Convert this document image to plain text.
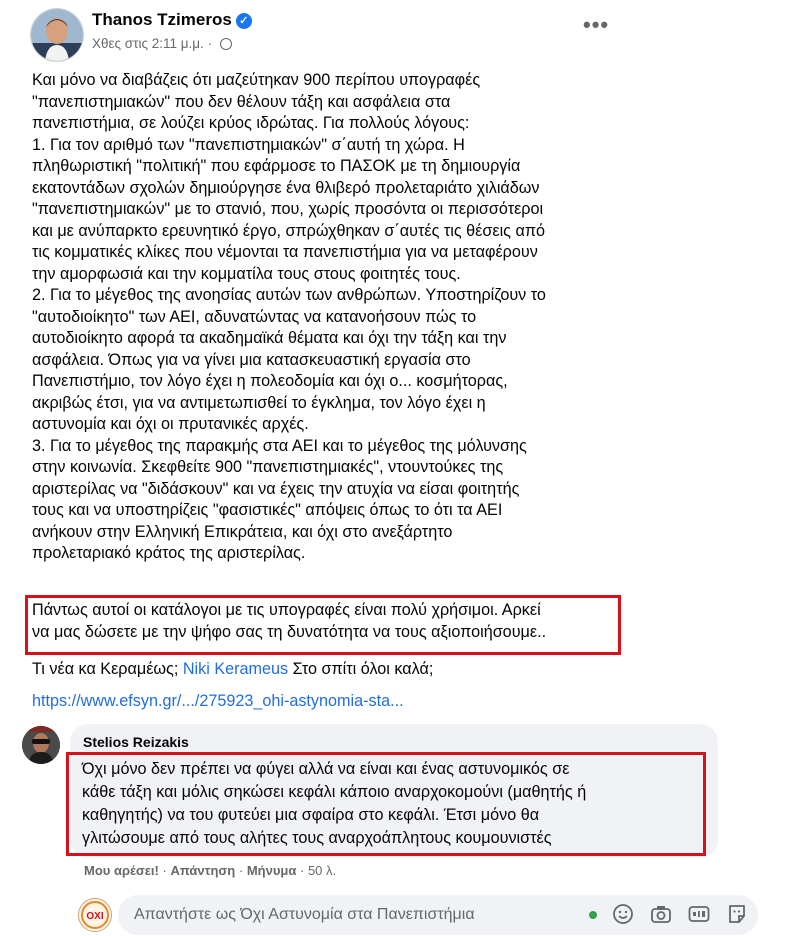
Thanos Tzimeros ✓
Χθες στις 2:11 μ.μ. ·
•••

Και μόνο να διαβάζεις ότι μαζεύτηκαν 900 περίπου υπογραφές

"πανεπιστημιακών" που δεν θέλουν τάξη και ασφάλεια στα

πανεπιστήμια, σε λούζει κρύος ιδρώτας. Για πολλούς λόγους:

1. Για τον αριθμό των "πανεπιστημιακών" σ΄αυτή τη χώρα. Η

πληθωριστική "πολιτική" που εφάρμοσε το ΠΑΣΟΚ με τη δημιουργία

εκατοντάδων σχολών δημιούργησε ένα θλιβερό προλεταριάτο χιλιάδων

"πανεπιστημιακών" με το στανιό, που, χωρίς προσόντα οι περισσότεροι

και με ανύπαρκτο ερευνητικό έργο, σπρώχθηκαν σ΄αυτές τις θέσεις από

τις κομματικές κλίκες που νέμονται τα πανεπιστήμια για να μεταφέρουν

την αμορφωσιά και την κομματίλα τους στους φοιτητές τους.

2. Για το μέγεθος της ανοησίας αυτών των ανθρώπων. Υποστηρίζουν το

"αυτοδιοίκητο" των ΑΕΙ, αδυνατώντας να κατανοήσουν πώς το

αυτοδιοίκητο αφορά τα ακαδημαϊκά θέματα και όχι την τάξη και την

ασφάλεια. Όπως για να γίνει μια κατασκευαστική εργασία στο

Πανεπιστήμιο, τον λόγο έχει η πολεοδομία και όχι ο... κοσμήτορας,

ακριβώς έτσι, για να αντιμετωπισθεί το έγκλημα, τον λόγο έχει η

αστυνομία και όχι οι πρυτανικές αρχές.

3. Για το μέγεθος της παρακμής στα ΑΕΙ και το μέγεθος της μόλυνσης

στην κοινωνία. Σκεφθείτε 900 "πανεπιστημιακές", ντουντούκες της

αριστερίλας να "διδάσκουν" και να έχεις την ατυχία να είσαι φοιτητής

τους και να υποστηρίζεις "φασιστικές" απόψεις όπως το ότι τα ΑΕΙ

ανήκουν στην Ελληνική Επικράτεια, και όχι στο ανεξάρτητο

προλεταριακό κράτος της αριστερίλας.

Πάντως αυτοί οι κατάλογοι με τις υπογραφές είναι πολύ χρήσιμοι. Αρκεί

να μας δώσετε με την ψήφο σας τη δυνατότητα να τους αξιοποιήσουμε..

Τι νέα κα Κεραμέως; Niki Kerameus Στο σπίτι όλοι καλά;
https://www.efsyn.gr/.../275923_ohi-astynomia-sta...
Stelios Reizakis

Όχι μόνο δεν πρέπει να φύγει αλλά να είναι και ένας αστυνομικός σε

κάθε τάξη και μόλις σηκώσει κεφάλι κάποιο αναρχοκομούνι (μαθητής ή

καθηγητής) να του φυτεύει μια σφαίρα στο κεφάλι. Έτσι μόνο θα

γλιτώσουμε από τους αλήτες τους αναρχοάπλητους κουμουνιστές

Μου αρέσει! · Απάντηση · Μήνυμα · 50 λ.
ΟΧΙ
Απαντήστε ως Όχι Αστυνομία στα Πανεπιστήμια
